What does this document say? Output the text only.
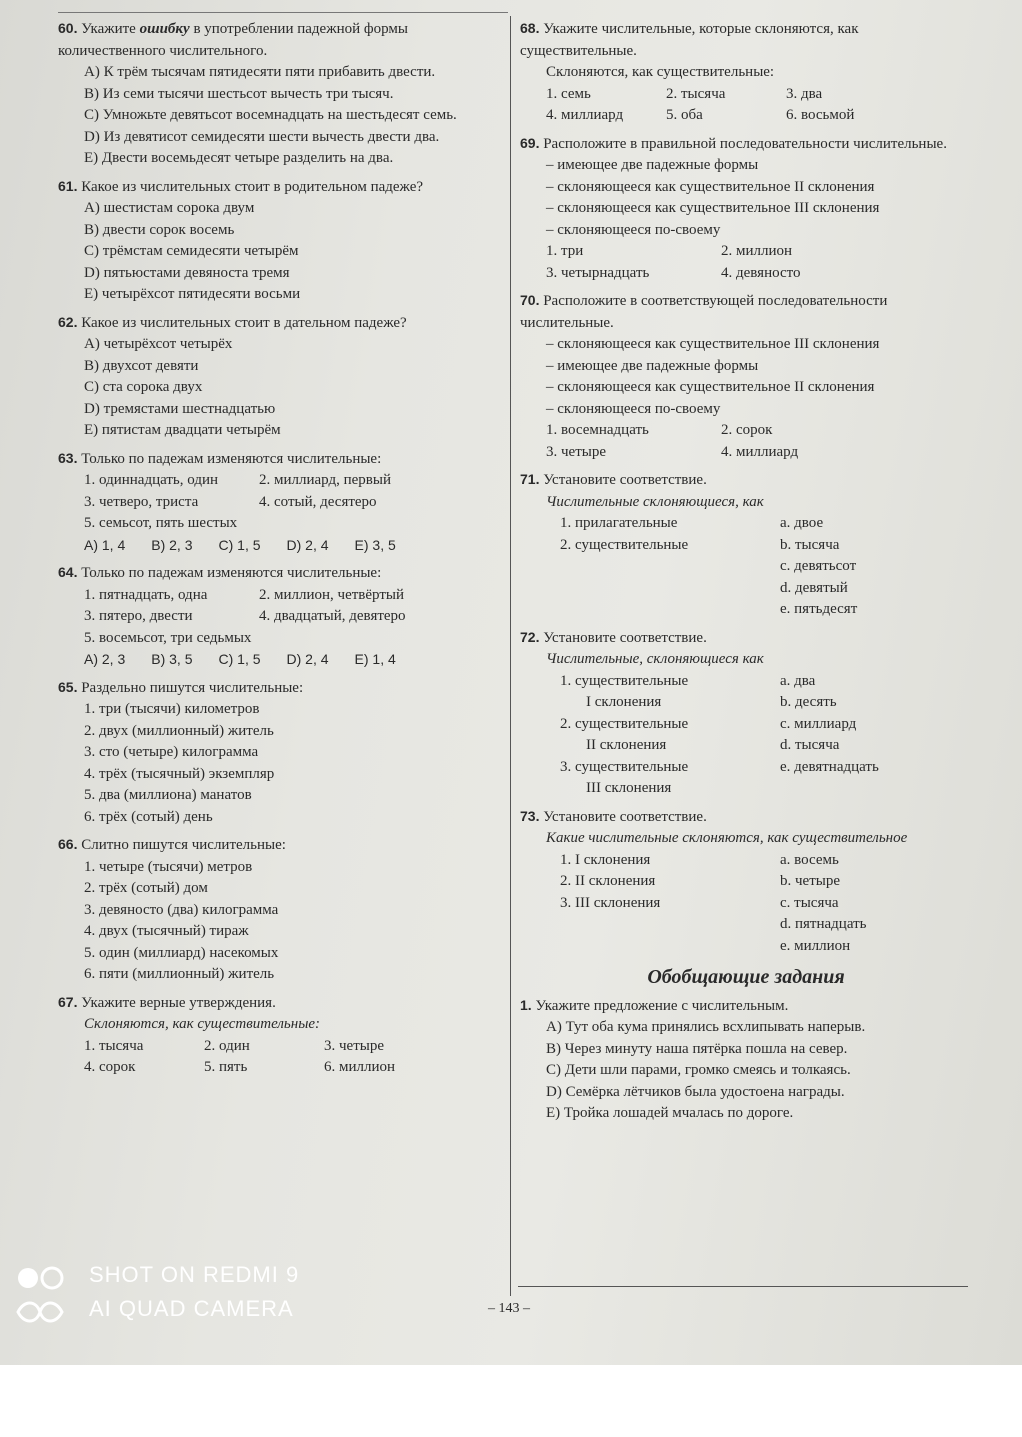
60. Укажите ошибку в употреблении падежной формы количественного числительного.
A) К трём тысячам пятидесяти пяти прибавить двести.
B) Из семи тысячи шестьсот вычесть три тысяч.
C) Умножьте девятьсот восемнадцать на шестьдесят семь.
D) Из девятисот семидесяти шести вычесть двести два.
E) Двести восемьдесят четыре разделить на два.
61. Какое из числительных стоит в родительном падеже?
A) шестистам сорока двум
B) двести сорок восемь
C) трёмстам семидесяти четырём
D) пятьюстами девяноста тремя
E) четырёхсот пятидесяти восьми
62. Какое из числительных стоит в дательном падеже?
A) четырёхсот четырёх
B) двухсот девяти
C) ста сорока двух
D) тремястами шестнадцатью
E) пятистам двадцати четырём
63. Только по падежам изменяются числительные:
1. одиннадцать, один	2. миллиард, первый
3. четверо, триста	4. сотый, десятеро
5. семьсот, пять шестых
A) 1, 4 B) 2, 3 C) 1, 5 D) 2, 4 E) 3, 5
64. Только по падежам изменяются числительные:
1. пятнадцать, одна	2. миллион, четвёртый
3. пятеро, двести	4. двадцатый, девятеро
5. восемьсот, три седьмых
A) 2, 3 B) 3, 5 C) 1, 5 D) 2, 4 E) 1, 4
65. Раздельно пишутся числительные:
1. три (тысячи) километров
2. двух (миллионный) житель
3. сто (четыре) килограмма
4. трёх (тысячный) экземпляр
5. два (миллиона) манатов
6. трёх (сотый) день
66. Слитно пишутся числительные:
1. четыре (тысячи) метров
2. трёх (сотый) дом
3. девяносто (два) килограмма
4. двух (тысячный) тираж
5. один (миллиард) насекомых
6. пяти (миллионный) житель
67. Укажите верные утверждения.
Склоняются, как существительные:
1. тысяча	2. один	3. четыре
4. сорок	5. пять	6. миллион
68. Укажите числительные, которые склоняются, как существительные.
Склоняются, как существительные:
1. семь	2. тысяча	3. два
4. миллиард	5. оба	6. восьмой
69. Расположите в правильной последовательности числительные.
– имеющее две падежные формы
– склоняющееся как существительное II склонения
– склоняющееся как существительное III склонения
– склоняющееся по-своему
1. три	2. миллион
3. четырнадцать	4. девяносто
70. Расположите в соответствующей последовательности числительные.
– склоняющееся как существительное III склонения
– имеющее две падежные формы
– склоняющееся как существительное II склонения
– склоняющееся по-своему
1. восемнадцать	2. сорок
3. четыре	4. миллиард
71. Установите соответствие.
Числительные склоняющиеся, как
1. прилагательные	a. двое
2. существительные	b. тысяча
c. девятьсот
d. девятый
e. пятьдесят
72. Установите соответствие.
Числительные, склоняющиеся как
1. существительные	a. два
I склонения	b. десять
2. существительные	c. миллиард
II склонения	d. тысяча
3. существительные	e. девятнадцать
III склонения
73. Установите соответствие.
Какие числительные склоняются, как существительное
1. I склонения	a. восемь
2. II склонения	b. четыре
3. III склонения	c. тысяча
d. пятнадцать
e. миллион
Обобщающие задания
1. Укажите предложение с числительным.
A) Тут оба кума принялись всхлипывать наперыв.
B) Через минуту наша пятёрка пошла на север.
C) Дети шли парами, громко смеясь и толкаясь.
D) Семёрка лётчиков была удостоена награды.
E) Тройка лошадей мчалась по дороге.
– 143 –
SHOT ON REDMI 9
AI QUAD CAMERA
